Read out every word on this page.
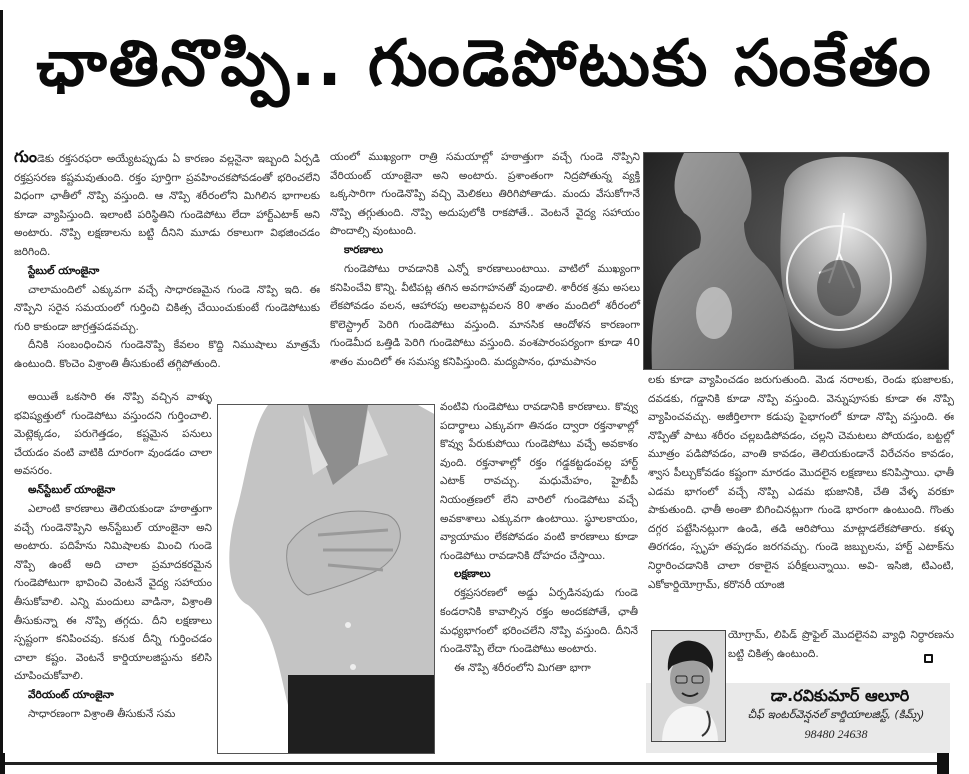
ఛాతినొప్పి.. గుండెపోటుకు సంకేతం

గుండెకు రక్తసరఫరా అయ్యేటప్పుడు ఏ కారణం వల్లనైనా ఇబ్బంది ఏర్పడి రక్తప్రసరణ కష్టమవుతుంది. రక్తం పూర్తిగా ప్రవహించకపోవడంతో భరించలేని విధంగా ఛాతీలో నొప్పి వస్తుంది. ఆ నొప్పి శరీరంలోని మిగిలిన భాగాలకు కూడా వ్యాపిస్తుంది. ఇలాంటి పరిస్థితిని గుండెపోటు లేదా హార్ట్‌ఎటాక్ అని అంటారు. నొప్పి లక్షణాలను బట్టి దీనిని మూడు రకాలుగా విభజించడం జరిగింది.

స్టేబుల్ యాంజైనా

చాలామందిలో ఎక్కువగా వచ్చే సాధారణమైన గుండె నొప్పి ఇది. ఈ నొప్పిని సరైన సమయంలో గుర్తించి చికిత్స చేయించుకుంటే గుండెపోటుకు గురి కాకుండా జాగ్రత్తపడవచ్చు.

దీనికి సంబంధించిన గుండెనొప్పి కేవలం కొద్ది నిముషాలు మాత్రమే ఉంటుంది. కొంచెం విశ్రాంతి తీసుకుంటే తగ్గిపోతుంది.

అయితే ఒకసారి ఈ నొప్పి వచ్చిన వాళ్ళు భవిష్యత్తులో గుండెపోటు వస్తుందని గుర్తించాలి. మెట్లెక్కడం, పరుగెత్తడం, కష్టమైన పనులు చేయడం వంటి వాటికి దూరంగా వుండడం చాలా అవసరం.

అన్‌స్టేబుల్ యాంజైనా

ఎలాంటి కారణాలు తెలియకుండా హఠాత్తుగా వచ్చే గుండెనొప్పిని అన్‌స్టేబుల్ యాంజైనా అని అంటారు. పదిహేను నిమిషాలకు మించి గుండె నొప్పి ఉంటే అది చాలా ప్రమాదకరమైన గుండెపోటుగా భావించి వెంటనే వైద్య సహాయం తీసుకోవాలి. ఎన్ని మందులు వాడినా, విశ్రాంతి తీసుకున్నా ఈ నొప్పి తగ్గదు. దీని లక్షణాలు స్పష్టంగా కనిపించవు. కనుక దీన్ని గుర్తించడం చాలా కష్టం. వెంటనే కార్డియాలజిస్టును కలిసి చూపించుకోవాలి.

వేరియంట్ యాంజైనా

సాధారణంగా విశ్రాంతి తీసుకునే సమ

యంలో ముఖ్యంగా రాత్రి సమయాల్లో హఠాత్తుగా వచ్చే గుండె నొప్పిని వేరియంట్ యాంజైనా అని అంటారు. ప్రశాంతంగా నిద్రపోతున్న వ్యక్తి ఒక్కసారిగా గుండెనొప్పి వచ్చి మెలికలు తిరిగిపోతాడు. మందు వేసుకోగానే నొప్పి తగ్గుతుంది. నొప్పి అదుపులోకి రాకపోతే.. వెంటనే వైద్య సహాయం పొందాల్సి వుంటుంది.

కారణాలు

గుండెపోటు రావడానికి ఎన్నో కారణాలుంటాయి. వాటిలో ముఖ్యంగా కనిపించేవి కొన్ని. వీటిపట్ల తగిన అవగాహనతో వుండాలి. శారీరక శ్రమ అసలు లేకపోవడం వలన, ఆహారపు అలవాట్లవలన 80 శాతం మందిలో శరీరంలో కొలెస్ట్రాల్ పెరిగి గుండెపోటు వస్తుంది. మానసిక ఆందోళన కారణంగా గుండెమీద ఒత్తిడి పెరిగి గుండెపోటు వస్తుంది. వంశపారంపర్యంగా కూడా 40 శాతం మందిలో ఈ సమస్య కనిపిస్తుంది. మద్యపానం, ధూమపానం

వంటివి గుండెపోటు రావడానికి కారణాలు. కొవ్వు పదార్థాలు ఎక్కువగా తినడం ద్వారా రక్తనాళాల్లో కొవ్వు పేరుకుపోయి గుండెపోటు వచ్చే అవకాశం వుంది. రక్తనాళాల్లో రక్తం గడ్డకట్టడంవల్ల హార్ట్ ఎటాక్ రావచ్చు. మధుమేహం, హైబీపీ నియంత్రణలో లేని వారిలో గుండెపోటు వచ్చే అవకాశాలు ఎక్కువగా ఉంటాయి. స్థూలకాయం, వ్యాయామం లేకపోవడం వంటి కారణాలు కూడా గుండెపోటు రావడానికి దోహదం చేస్తాయి.

లక్షణాలు

రక్తప్రసరణలో అడ్డు ఏర్పడినపుడు గుండె కండరానికి కావాల్సిన రక్తం అందకపోతే, ఛాతీ మధ్యభాగంలో భరించలేని నొప్పి వస్తుంది. దీనినే గుండెనొప్పి లేదా గుండెపోటు అంటారు.

ఈ నొప్పి శరీరంలోని మిగతా భాగా

లకు కూడా వ్యాపించడం జరుగుతుంది. మెడ నరాలకు, రెండు భుజాలకు, దవడకు, గడ్డానికి కూడా నొప్పి వస్తుంది. వెన్నుపూసకు కూడా ఈ నొప్పి వ్యాపించవచ్చు. అజీర్తిలాగా కడుపు పైభాగంలో కూడా నొప్పి వస్తుంది. ఈ నొప్పితో పాటు శరీరం చల్లబడిపోవడం, చల్లని చెమటలు పోయడం, బట్టల్లో మూత్రం పడిపోవడం, వాంతి కావడం, తెలియకుండానే విరేచనం కావడం, శ్వాస పీల్చుకోవడం కష్టంగా మారడం మొదలైన లక్షణాలు కనిపిస్తాయి. ఛాతీ ఎడమ భాగంలో వచ్చే నొప్పి ఎడమ భుజానికి, చేతి వేళ్ళ వరకూ పాకుతుంది. ఛాతీ అంతా బిగించినట్లుగా గుండె భారంగా ఉంటుంది. గొంతు దగ్గర పట్టేసినట్లుగా ఉండి, తడి ఆరిపోయి మాట్లాడలేకపోతారు. కళ్ళు తిరగడం, స్పృహ తప్పడం జరగవచ్చు. గుండె జబ్బులను, హార్ట్ ఎటాక్‌ను నిర్ధారించడానికి చాలా రకాలైన పరీక్షలున్నాయి. అవి- ఇసిజి, టిఎంటి, ఎకోకార్డియోగ్రామ్, కరొనరీ యాంజి

యోగ్రామ్, లిపిడ్ ప్రొఫైల్ మొదలైనవి వ్యాధి నిర్ధారణను బట్టి చికిత్స ఉంటుంది.

డా.రవికుమార్ ఆలూరి
చీఫ్ ఇంటర్‌వెన్షనల్ కార్డియాలజిస్ట్, (కిమ్స్)
98480 24638
